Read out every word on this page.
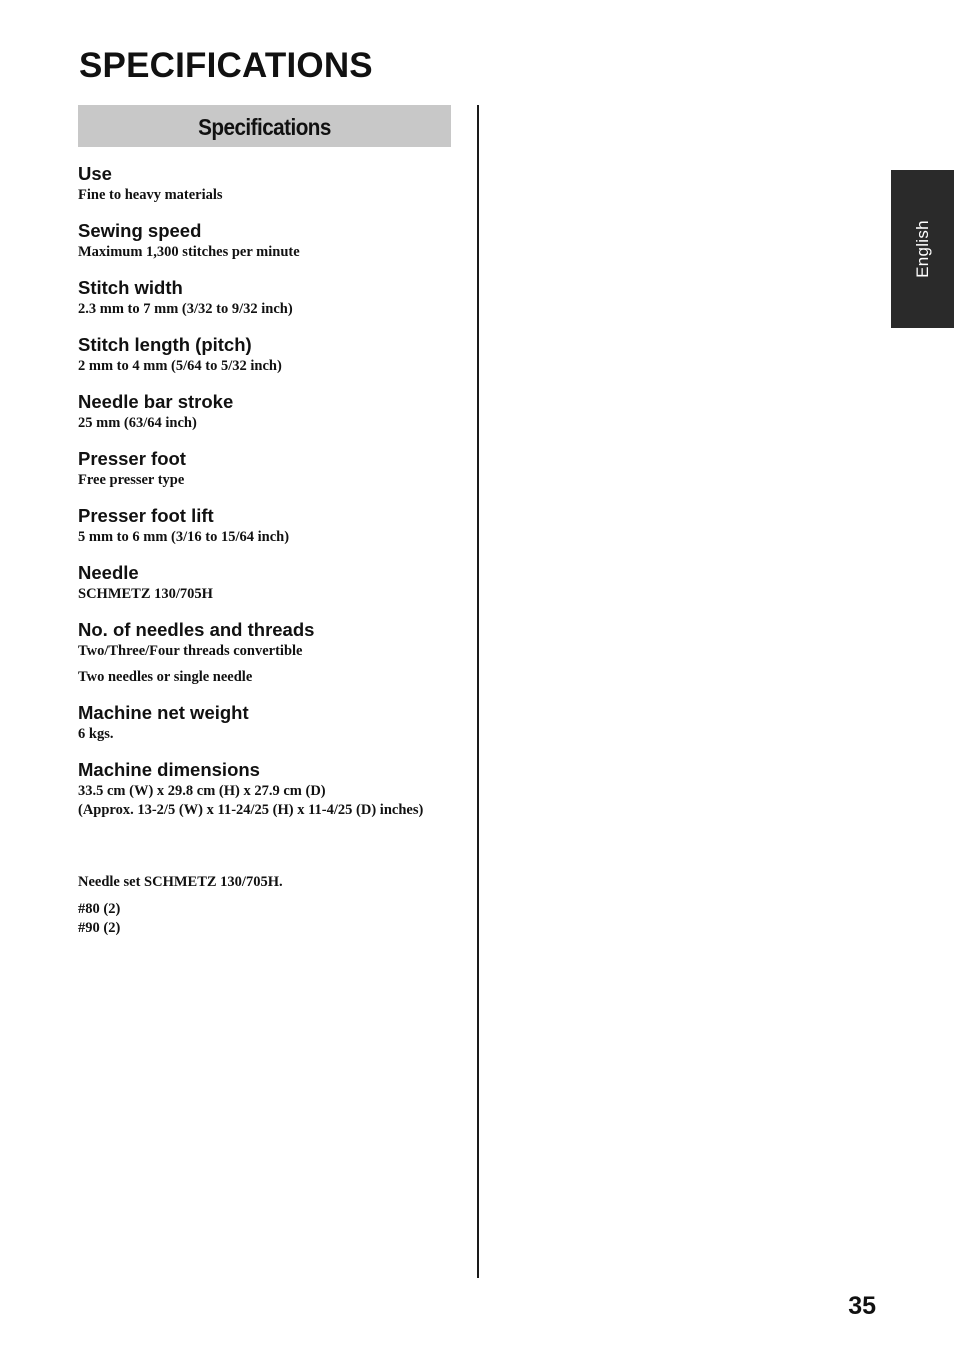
SPECIFICATIONS
Specifications
Use
Fine to heavy materials
Sewing speed
Maximum 1,300 stitches per minute
Stitch width
2.3 mm to 7 mm (3/32 to 9/32 inch)
Stitch length (pitch)
2 mm to 4 mm (5/64 to 5/32 inch)
Needle bar stroke
25 mm (63/64 inch)
Presser foot
Free presser type
Presser foot lift
5 mm to 6 mm (3/16 to 15/64 inch)
Needle
SCHMETZ 130/705H
No. of needles and threads
Two/Three/Four threads convertible
Two needles or single needle
Machine net weight
6 kgs.
Machine dimensions
33.5 cm (W) x 29.8 cm (H) x 27.9 cm (D)
(Approx. 13-2/5 (W) x 11-24/25 (H) x 11-4/25 (D) inches)
Needle set SCHMETZ 130/705H.
#80 (2)
#90 (2)
English
35
